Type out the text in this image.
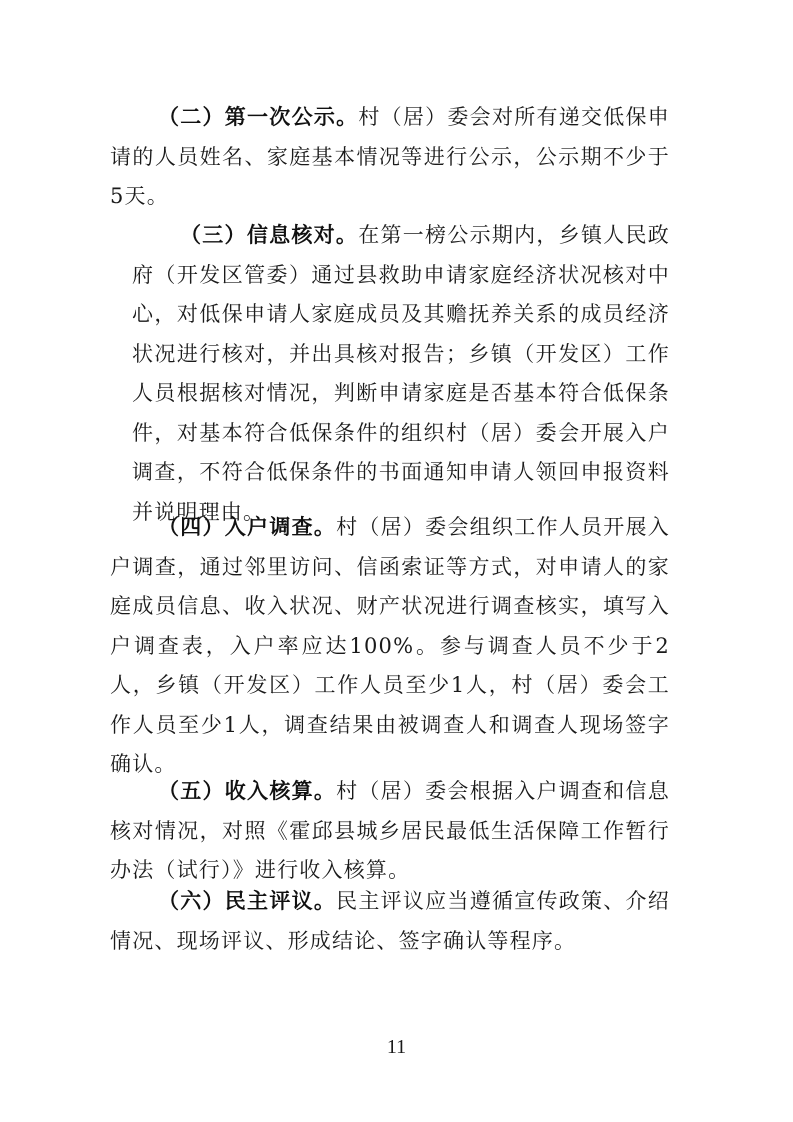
（二）第一次公示。村（居）委会对所有递交低保申请的人员姓名、家庭基本情况等进行公示，公示期不少于5天。

（三）信息核对。在第一榜公示期内，乡镇人民政府（开发区管委）通过县救助申请家庭经济状况核对中心，对低保申请人家庭成员及其赡抚养关系的成员经济状况进行核对，并出具核对报告；乡镇（开发区）工作人员根据核对情况，判断申请家庭是否基本符合低保条件，对基本符合低保条件的组织村（居）委会开展入户调查，不符合低保条件的书面通知申请人领回申报资料并说明理由。

（四）入户调查。村（居）委会组织工作人员开展入户调查，通过邻里访问、信函索证等方式，对申请人的家庭成员信息、收入状况、财产状况进行调查核实，填写入户调查表，入户率应达100%。参与调查人员不少于2人，乡镇（开发区）工作人员至少1人，村（居）委会工作人员至少1人，调查结果由被调查人和调查人现场签字确认。

（五）收入核算。村（居）委会根据入户调查和信息核对情况，对照《霍邱县城乡居民最低生活保障工作暂行办法（试行）》进行收入核算。

（六）民主评议。民主评议应当遵循宣传政策、介绍情况、现场评议、形成结论、签字确认等程序。

11
